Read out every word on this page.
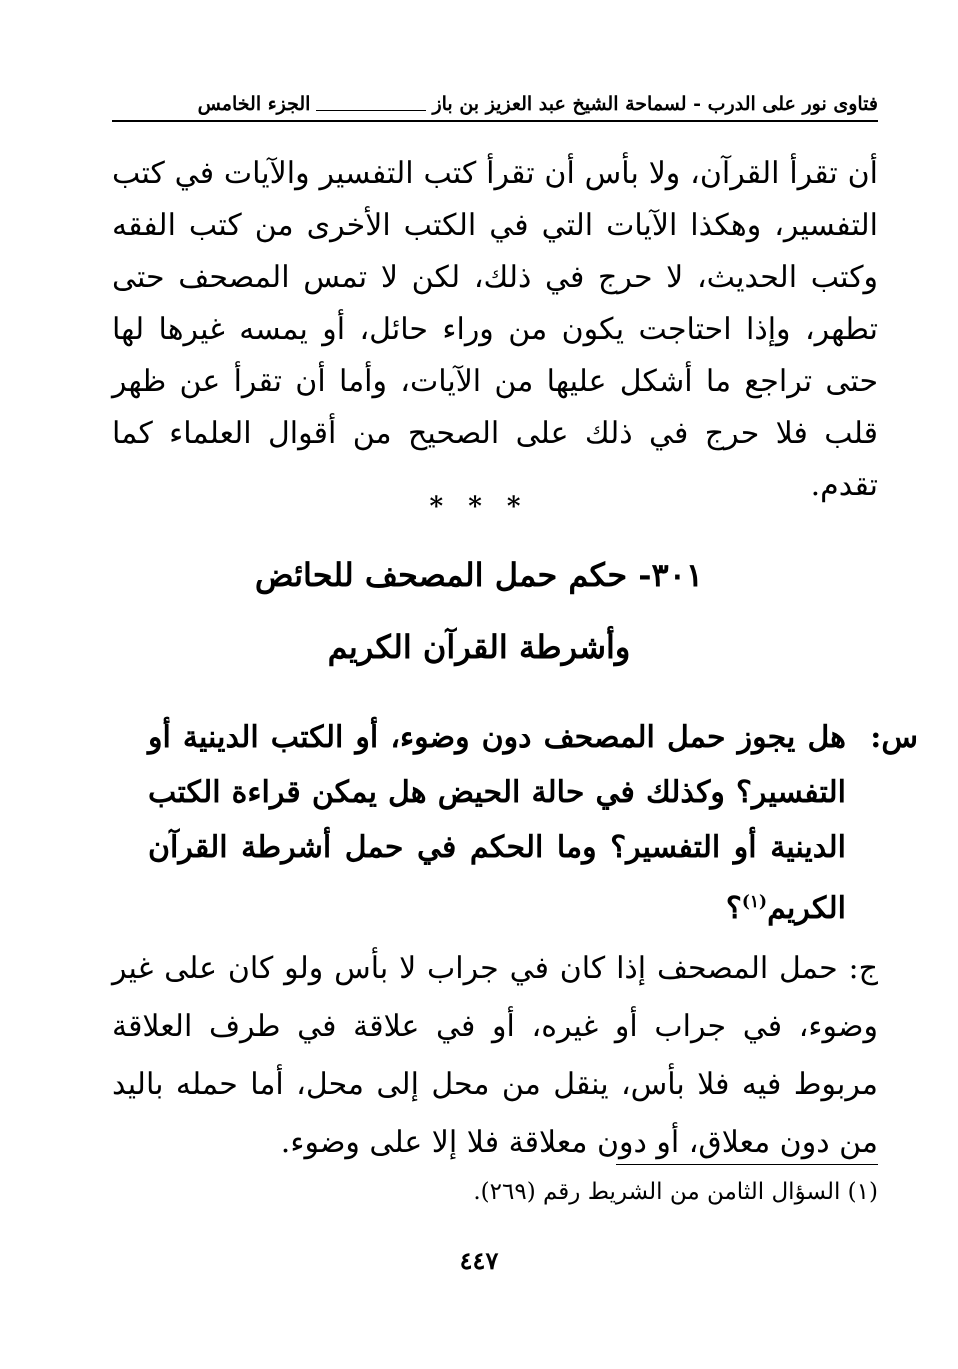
فتاوى نور على الدرب - لسماحة الشيخ عبد العزيز بن باز
الجزء الخامس
أن تقرأ القرآن، ولا بأس أن تقرأ كتب التفسير والآيات في كتب التفسير، وهكذا الآيات التي في الكتب الأخرى من كتب الفقه وكتب الحديث، لا حرج في ذلك، لكن لا تمس المصحف حتى تطهر، وإذا احتاجت يكون من وراء حائل، أو يمسه غيرها لها حتى تراجع ما أشكل عليها من الآيات، وأما أن تقرأ عن ظهر قلب فلا حرج في ذلك على الصحيح من أقوال العلماء كما تقدم.
* * *
٣٠١- حكم حمل المصحف للحائض
وأشرطة القرآن الكريم
س:
هل يجوز حمل المصحف دون وضوء، أو الكتب الدينية أو التفسير؟ وكذلك في حالة الحيض هل يمكن قراءة الكتب الدينية أو التفسير؟ وما الحكم في حمل أشرطة القرآن الكريم$^{(١)}$؟
ج: حمل المصحف إذا كان في جراب لا بأس ولو كان على غير وضوء، في جراب أو غيره، أو في علاقة في طرف العلاقة مربوط فيه فلا بأس، ينقل من محل إلى محل، أما حمله باليد من دون معلاق، أو دون معلاقة فلا إلا على وضوء.
(١) السؤال الثامن من الشريط رقم (٢٦٩).
٤٤٧
